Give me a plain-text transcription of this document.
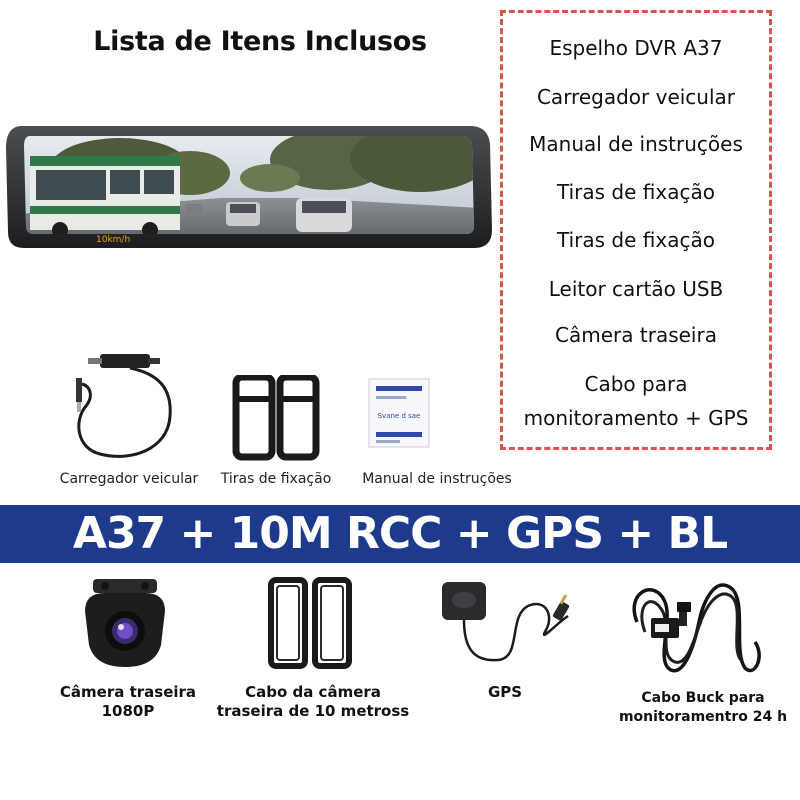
Lista de Itens Inclusos	Espelho DVR A37
Carregador veicular
Manual de instruções
Tiras de fixação
Tiras de fixação
Leitor cartão USB
Câmera traseira
Cabo para
monitoramento + GPS
10km/h
Carregador veicular	Tiras de fixação
Svane d sae
Manual de instruções
A37 + 10M RCC + GPS + BL
Câmera traseira
1080P
Cabo da câmera
traseira de 10 metross
GPS	Cabo Buck para
monitoramentro 24 h
